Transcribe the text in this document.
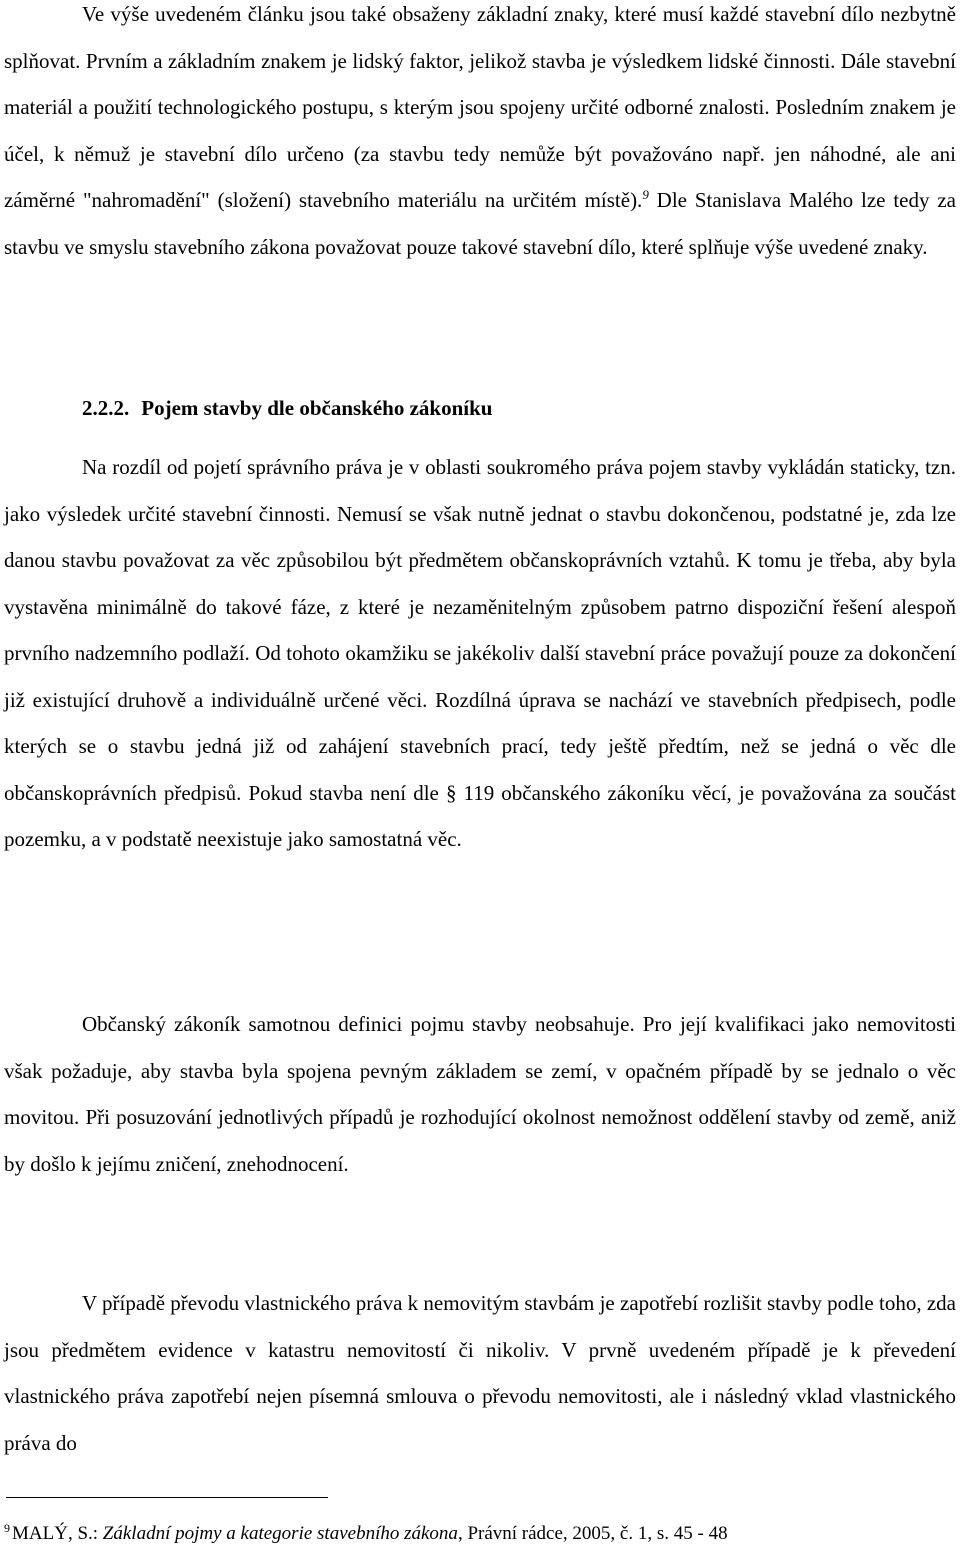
Ve výše uvedeném článku jsou také obsaženy základní znaky, které musí každé stavební dílo nezbytně splňovat. Prvním a základním znakem je lidský faktor, jelikož stavba je výsledkem lidské činnosti. Dále stavební materiál a použití technologického postupu, s kterým jsou spojeny určité odborné znalosti. Posledním znakem je účel, k němuž je stavební dílo určeno (za stavbu tedy nemůže být považováno např. jen náhodné, ale ani záměrné "nahromadění" (složení) stavebního materiálu na určitém místě).$^9$ Dle Stanislava Malého lze tedy za stavbu ve smyslu stavebního zákona považovat pouze takové stavební dílo, které splňuje výše uvedené znaky.

2.2.2. Pojem stavby dle občanského zákoníku

Na rozdíl od pojetí správního práva je v oblasti soukromého práva pojem stavby vykládán staticky, tzn. jako výsledek určité stavební činnosti. Nemusí se však nutně jednat o stavbu dokončenou, podstatné je, zda lze danou stavbu považovat za věc způsobilou být předmětem občanskoprávních vztahů. K tomu je třeba, aby byla vystavěna minimálně do takové fáze, z které je nezaměnitelným způsobem patrno dispoziční řešení alespoň prvního nadzemního podlaží. Od tohoto okamžiku se jakékoliv další stavební práce považují pouze za dokončení již existující druhově a individuálně určené věci. Rozdílná úprava se nachází ve stavebních předpisech, podle kterých se o stavbu jedná již od zahájení stavebních prací, tedy ještě předtím, než se jedná o věc dle občanskoprávních předpisů. Pokud stavba není dle § 119 občanského zákoníku věcí, je považována za součást pozemku, a v podstatě neexistuje jako samostatná věc.

Občanský zákoník samotnou definici pojmu stavby neobsahuje. Pro její kvalifikaci jako nemovitosti však požaduje, aby stavba byla spojena pevným základem se zemí, v opačném případě by se jednalo o věc movitou. Při posuzování jednotlivých případů je rozhodující okolnost nemožnost oddělení stavby od země, aniž by došlo k jejímu zničení, znehodnocení.

V případě převodu vlastnického práva k nemovitým stavbám je zapotřebí rozlišit stavby podle toho, zda jsou předmětem evidence v katastru nemovitostí či nikoliv. V prvně uvedeném případě je k převedení vlastnického práva zapotřebí nejen písemná smlouva o převodu nemovitosti, ale i následný vklad vlastnického práva do

$^9$ MALÝ, S.: Základní pojmy a kategorie stavebního zákona, Právní rádce, 2005, č. 1, s. 45 - 48
